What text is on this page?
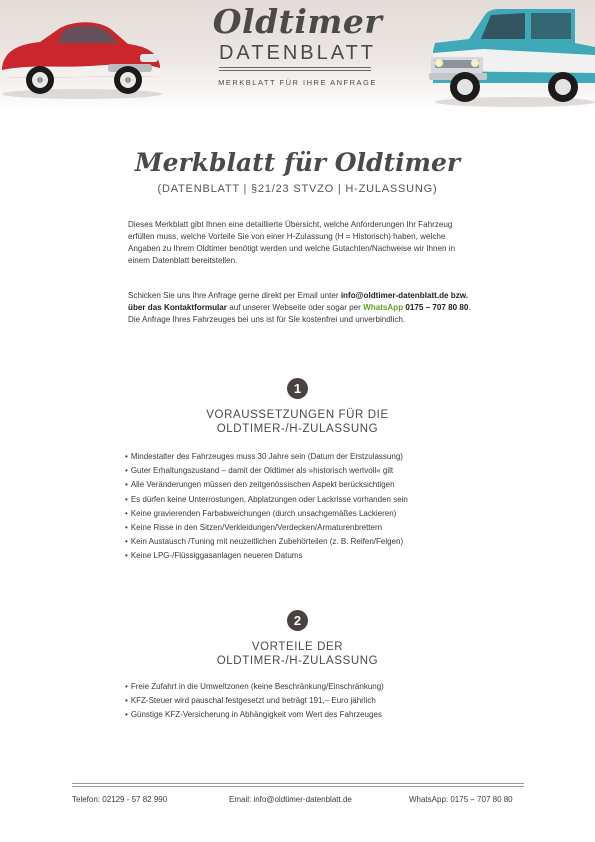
Oldtimer
DATENBLATT
MERKBLATT FÜR IHRE ANFRAGE
Merkblatt für Oldtimer
(DATENBLATT | §21/23 STVZO | H-ZULASSUNG)
Dieses Merkblatt gibt Ihnen eine detaillierte Übersicht, welche Anforderungen Ihr Fahrzeug erfüllen muss, welche Vorteile Sie von einer H-Zulassung (H = Historisch) haben, welche Angaben zu Ihrem Oldtimer benötigt werden und welche Gutachten/Nachweise wir Ihnen in einem Datenblatt bereitstellen.
Schicken Sie uns Ihre Anfrage gerne direkt per Email unter info@oldtimer-datenblatt.de bzw. über das Kontaktformular auf unserer Webseite oder sogar per WhatsApp 0175 – 707 80 80. Die Anfrage Ihres Fahrzeuges bei uns ist für Sie kostenfrei und unverbindlich.
1
VORAUSSETZUNGEN FÜR DIE
OLDTIMER-/H-ZULASSUNG
• Mindestalter des Fahrzeuges muss 30 Jahre sein (Datum der Erstzulassung)
• Guter Erhaltungszustand – damit der Oldtimer als »historisch wertvoll« gilt
• Alle Veränderungen müssen den zeitgenössischen Aspekt berücksichtigen
• Es dürfen keine Unterrostungen, Abplatzungen oder Lackrisse vorhanden sein
• Keine gravierenden Farbabweichungen (durch unsachgemäßes Lackieren)
• Keine Risse in den Sitzen/Verkleidungen/Verdecken/Armaturenbrettern
• Kein Austausch /Tuning mit neuzeitlichen Zubehörteilen (z. B. Reifen/Felgen)
• Keine LPG-/Flüssiggasanlagen neueren Datums
2
VORTEILE DER
OLDTIMER-/H-ZULASSUNG
• Freie Zufahrt in die Umweltzonen (keine Beschränkung/Einschränkung)
• KFZ-Steuer wird pauschal festgesetzt und beträgt 191,– Euro jährlich
• Günstige KFZ-Versicherung in Abhängigkeit vom Wert des Fahrzeuges
Telefon: 02129 - 57 82 990	Email: info@oldtimer-datenblatt.de	WhatsApp: 0175 – 707 80 80
